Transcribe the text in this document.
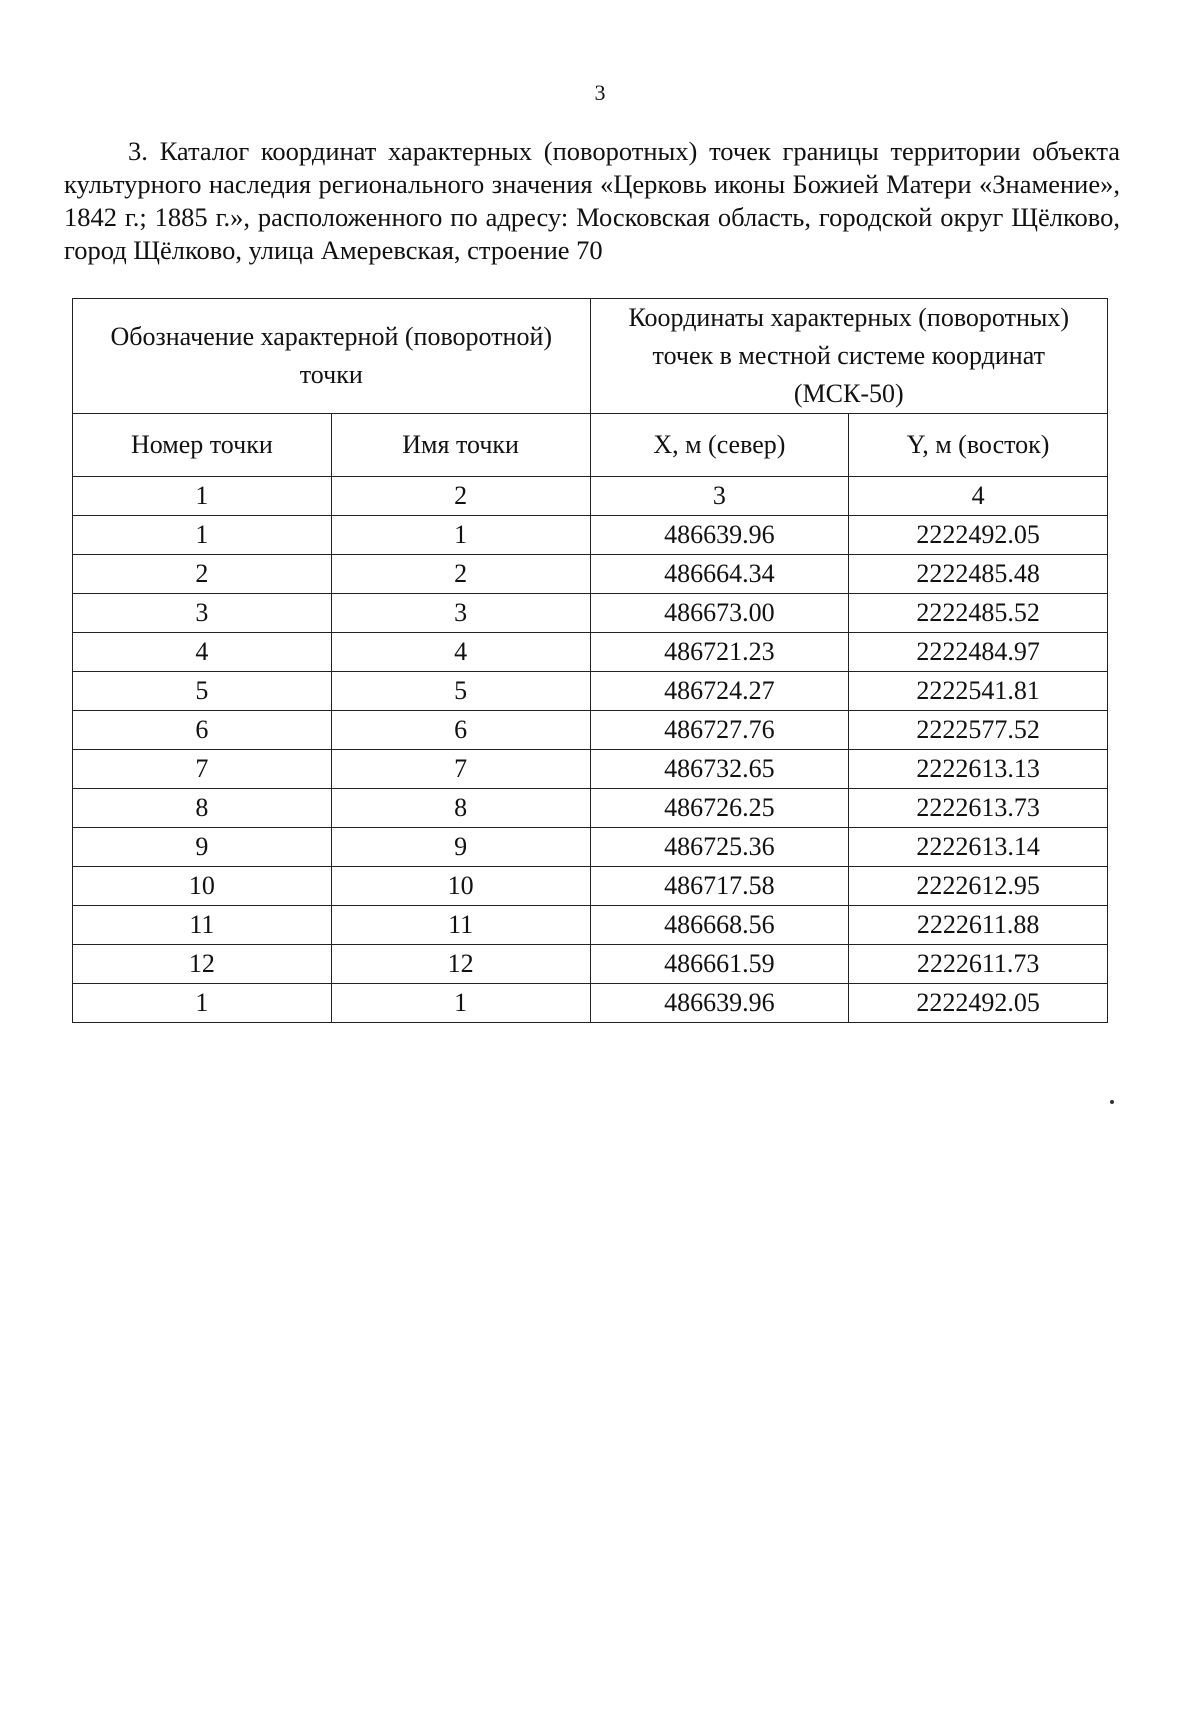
3

3. Каталог координат характерных (поворотных) точек границы территории объекта культурного наследия регионального значения «Церковь иконы Божией Матери «Знамение», 1842 г.; 1885 г.», расположенного по адресу: Московская область, городской округ Щёлково, город Щёлково, улица Амеревская, строение 70

Обозначение характерной (поворотной) точки		Координаты характерных (поворотных) точек в местной системе координат (МСК-50)	
Номер точки	Имя точки	X, м (север)	Y, м (восток)
1	2	3	4
1	1	486639.96	2222492.05
2	2	486664.34	2222485.48
3	3	486673.00	2222485.52
4	4	486721.23	2222484.97
5	5	486724.27	2222541.81
6	6	486727.76	2222577.52
7	7	486732.65	2222613.13
8	8	486726.25	2222613.73
9	9	486725.36	2222613.14
10	10	486717.58	2222612.95
11	11	486668.56	2222611.88
12	12	486661.59	2222611.73
1	1	486639.96	2222492.05
